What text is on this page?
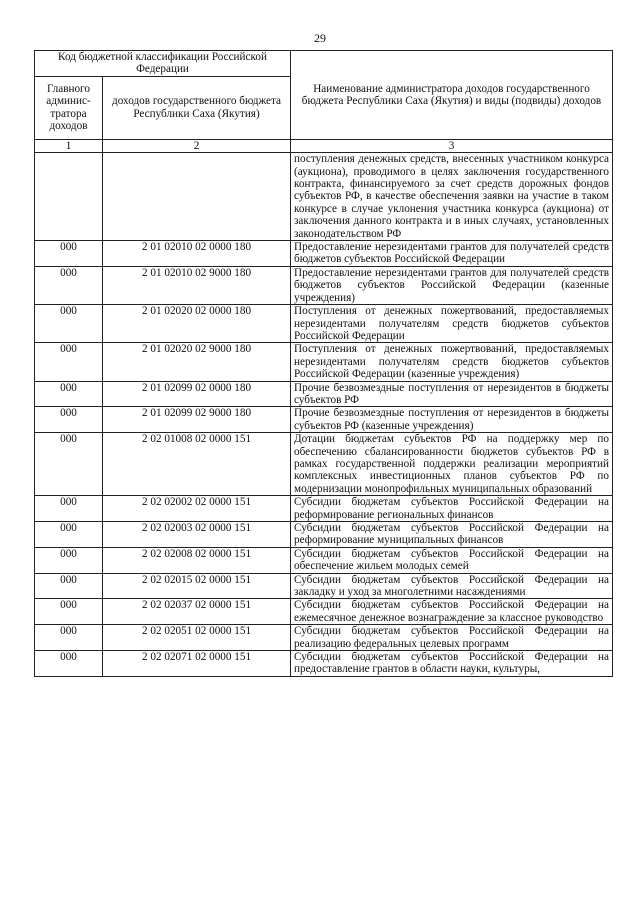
29
Код бюджетной классификации Российской Федерации		Наименование администратора доходов государственного бюджета Республики Саха (Якутия) и виды (подвиды) доходов
Главного админис-тратора доходов	доходов государственного бюджета Республики Саха (Якутия)	
1	2	3
		поступления денежных средств, внесенных участником конкурса (аукциона), проводимого в целях заключения государственного контракта, финансируемого за счет средств дорожных фондов субъектов РФ, в качестве обеспечения заявки на участие в таком конкурсе в случае уклонения участника конкурса (аукциона) от заключения данного контракта и в иных случаях, установленных законодательством РФ
000	2 01 02010 02 0000 180	Предоставление нерезидентами грантов для получателей средств бюджетов субъектов Российской Федерации
000	2 01 02010 02 9000 180	Предоставление нерезидентами грантов для получателей средств бюджетов субъектов Российской Федерации (казенные учреждения)
000	2 01 02020 02 0000 180	Поступления от денежных пожертвований, предоставляемых нерезидентами получателям средств бюджетов субъектов Российской Федерации
000	2 01 02020 02 9000 180	Поступления от денежных пожертвований, предоставляемых нерезидентами получателям средств бюджетов субъектов Российской Федерации (казенные учреждения)
000	2 01 02099 02 0000 180	Прочие безвозмездные поступления от нерезидентов в бюджеты субъектов РФ
000	2 01 02099 02 9000 180	Прочие безвозмездные поступления от нерезидентов в бюджеты субъектов РФ (казенные учреждения)
000	2 02 01008 02 0000 151	Дотации бюджетам субъектов РФ на поддержку мер по обеспечению сбалансированности бюджетов субъектов РФ в рамках государственной поддержки реализации мероприятий комплексных инвестиционных планов субъектов РФ по модернизации монопрофильных муниципальных образований
000	2 02 02002 02 0000 151	Субсидии бюджетам субъектов Российской Федерации на реформирование региональных финансов
000	2 02 02003 02 0000 151	Субсидии бюджетам субъектов Российской Федерации на реформирование муниципальных финансов
000	2 02 02008 02 0000 151	Субсидии бюджетам субъектов Российской Федерации на обеспечение жильем молодых семей
000	2 02 02015 02 0000 151	Субсидии бюджетам субъектов Российской Федерации на закладку и уход за многолетними насаждениями
000	2 02 02037 02 0000 151	Субсидии бюджетам субъектов Российской Федерации на ежемесячное денежное вознаграждение за классное руководство
000	2 02 02051 02 0000 151	Субсидии бюджетам субъектов Российской Федерации на реализацию федеральных целевых программ
000	2 02 02071 02 0000 151	Субсидии бюджетам субъектов Российской Федерации на предоставление грантов в области науки, культуры,
